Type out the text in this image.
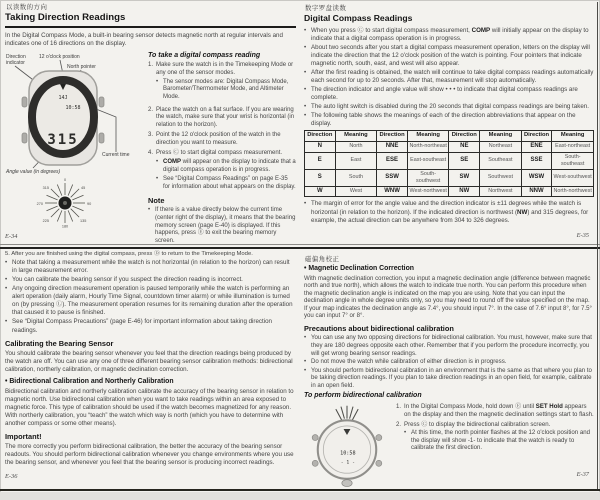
以读数的方向
Taking Direction Readings

In the Digital Compass Mode, a built-in bearing sensor detects magnetic north at regular intervals and indicates one of 16 directions on the display.

Direction
indicator
12 o'clock position
North pointer
Current time
Angle value (in degrees)
14J
10:58
315
0
45
90
135
180
225
270
315
To take a digital compass reading
1. Make sure the watch is in the Timekeeping Mode or any one of the sensor modes.
• The sensor modes are: Digital Compass Mode, Barometer/Thermometer Mode, and Altimeter Mode.
2. Place the watch on a flat surface. If you are wearing the watch, make sure that your wrist is horizontal (in relation to the horizon).
3. Point the 12 o'clock position of the watch in the direction you want to measure.
4. Press Ⓒ to start digital compass measurement.
• COMP will appear on the display to indicate that a digital compass operation is in progress.
• See “Digital Compass Readings” on page E-35 for information about what appears on the display.
Note
• If there is a value directly below the current time (center right of the display), it means that the bearing memory screen (page E-40) is displayed. If this happens, press Ⓔ to exit the bearing memory screen.

5. After you are finished using the digital compass, press Ⓓ to return to the Timekeeping Mode.

E-34
数字罗盘读数
Digital Compass Readings
• When you press Ⓒ to start digital compass measurement, COMP will initially appear on the display to indicate that a digital compass operation is in progress.
• About two seconds after you start a digital compass measurement operation, letters on the display will indicate the direction that the 12 o'clock position of the watch is pointing. Four pointers that indicate magnetic north, south, east, and west will also appear.
• After the first reading is obtained, the watch will continue to take digital compass readings automatically each second for up to 20 seconds. After that, measurement will stop automatically.
• The direction indicator and angle value will show • • • to indicate that digital compass readings are complete.
• The auto light switch is disabled during the 20 seconds that digital compass readings are being taken.
• The following table shows the meanings of each of the direction abbreviations that appear on the display.
Direction	Meaning	Direction	Meaning	Direction	Meaning	Direction	Meaning
N	North	NNE	North-northeast	NE	Northeast	ENE	East-northeast
E	East	ESE	East-southeast	SE	Southeast	SSE	South-southeast
S	South	SSW	South-southwest	SW	Southwest	WSW	West-southwest
W	West	WNW	West-northwest	NW	Northwest	NNW	North-northwest
• The margin of error for the angle value and the direction indicator is ±11 degrees while the watch is horizontal (in relation to the horizon). If the indicated direction is northwest (NW) and 315 degrees, for example, the actual direction can be anywhere from 304 to 326 degrees.
E-35
• Note that taking a measurement while the watch is not horizontal (in relation to the horizon) can result in large measurement error.
• You can calibrate the bearing sensor if you suspect the direction reading is incorrect.
• Any ongoing direction measurement operation is paused temporarily while the watch is performing an alert operation (daily alarm, Hourly Time Signal, countdown timer alarm) or while illumination is turned on (by pressing Ⓛ). The measurement operation resumes for its remaining duration after the operation that caused it to pause is finished.
• See “Digital Compass Precautions” (page E-46) for important information about taking direction readings.
Calibrating the Bearing Sensor

You should calibrate the bearing sensor whenever you feel that the direction readings being produced by the watch are off. You can use any one of three different bearing sensor calibration methods: bidirectional calibration, northerly calibration, or magnetic declination correction.

• Bidirectional Calibration and Northerly Calibration

Bidirectional calibration and northerly calibration calibrate the accuracy of the bearing sensor in relation to magnetic north. Use bidirectional calibration when you want to take readings within an area exposed to magnetic force. This type of calibration should be used if the watch becomes magnetized for any reason. With northerly calibration, you “teach” the watch which way is north (which you have to determine with another compass or some other means).

Important!

The more correctly you perform bidirectional calibration, the better the accuracy of the bearing sensor readouts. You should perform bidirectional calibration whenever you change environments where you use the bearing sensor, and whenever you feel that the bearing sensor is producing incorrect readings.

E-36
磁偏角校正
• Magnetic Declination Correction

With magnetic declination correction, you input a magnetic declination angle (difference between magnetic north and true north), which allows the watch to indicate true north. You can perform this procedure when the magnetic declination angle is indicated on the map you are using. Note that you can input the declination angle in whole degree units only, so you may need to round off the value specified on the map. If your map indicates the declination angle as 7.4°, you should input 7°. In the case of 7.6° input 8°, for 7.5° you can input 7° or 8°.

Precautions about bidirectional calibration
• You can use any two opposing directions for bidirectional calibration. You must, however, make sure that they are 180 degrees opposite each other. Remember that if you perform the procedure incorrectly, you will get wrong bearing sensor readings.
• Do not move the watch while calibration of either direction is in progress.
• You should perform bidirectional calibration in an environment that is the same as that where you plan to be taking direction readings. If you plan to take direction readings in an open field, for example, calibrate in an open field.
To perform bidirectional calibration
10:58
- 1 -
1. In the Digital Compass Mode, hold down Ⓔ until SET Hold appears on the display and then the magnetic declination settings start to flash.
2. Press Ⓒ to display the bidirectional calibration screen.
• At this time, the north pointer flashes at the 12 o'clock position and the display will show -1- to indicate that the watch is ready to calibrate the first direction.
E-37
